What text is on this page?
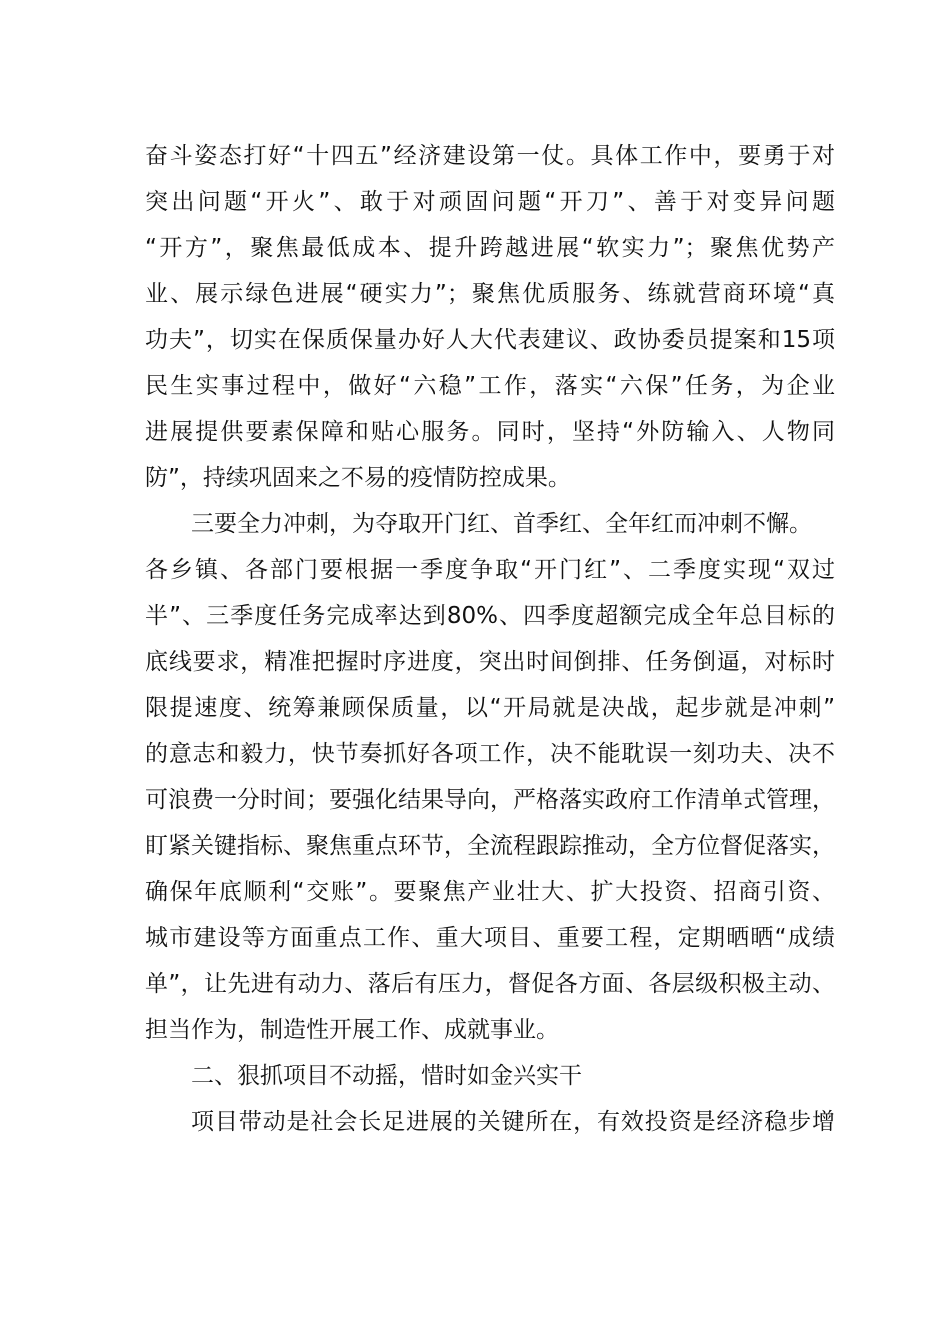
奋斗姿态打好“十四五”经济建设第一仗。具体工作中，要勇于对
突出问题“开火”、敢于对顽固问题“开刀”、善于对变异问题
“开方”，聚焦最低成本、提升跨越进展“软实力”；聚焦优势产
业、展示绿色进展“硬实力”；聚焦优质服务、练就营商环境“真
功夫”，切实在保质保量办好人大代表建议、政协委员提案和15项
民生实事过程中，做好“六稳”工作，落实“六保”任务，为企业
进展提供要素保障和贴心服务。同时，坚持“外防输入、人物同
防”，持续巩固来之不易的疫情防控成果。
三要全力冲刺，为夺取开门红、首季红、全年红而冲刺不懈。
各乡镇、各部门要根据一季度争取“开门红”、二季度实现“双过
半”、三季度任务完成率达到80%、四季度超额完成全年总目标的
底线要求，精准把握时序进度，突出时间倒排、任务倒逼，对标时
限提速度、统筹兼顾保质量，以“开局就是决战，起步就是冲刺”
的意志和毅力，快节奏抓好各项工作，决不能耽误一刻功夫、决不
可浪费一分时间；要强化结果导向，严格落实政府工作清单式管理，
盯紧关键指标、聚焦重点环节，全流程跟踪推动，全方位督促落实，
确保年底顺利“交账”。要聚焦产业壮大、扩大投资、招商引资、
城市建设等方面重点工作、重大项目、重要工程，定期晒晒“成绩
单”，让先进有动力、落后有压力，督促各方面、各层级积极主动、
担当作为，制造性开展工作、成就事业。
二、狠抓项目不动摇，惜时如金兴实干
项目带动是社会长足进展的关键所在，有效投资是经济稳步增
